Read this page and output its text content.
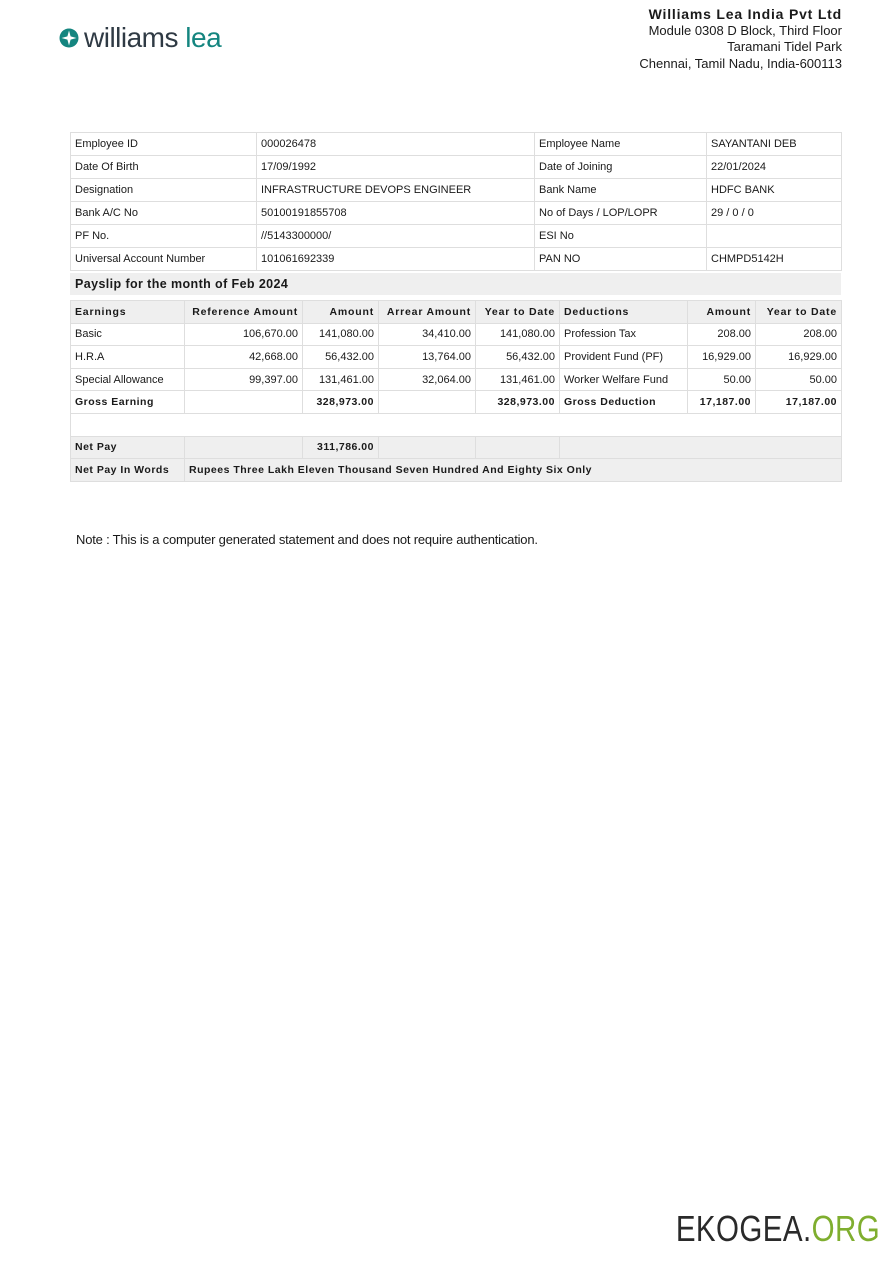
williams lea
Williams Lea India Pvt Ltd
Module 0308 D Block, Third Floor
Taramani Tidel Park
Chennai, Tamil Nadu, India-600113
Employee ID	000026478	Employee Name	SAYANTANI DEB
Date Of Birth	17/09/1992	Date of Joining	22/01/2024
Designation	INFRASTRUCTURE DEVOPS ENGINEER	Bank Name	HDFC BANK
Bank A/C No	50100191855708	No of Days / LOP/LOPR	29 / 0 / 0
PF No.	//5143300000/	ESI No	
Universal Account Number	101061692339	PAN NO	CHMPD5142H
Payslip for the month of Feb 2024
Earnings	Reference Amount	Amount	Arrear Amount	Year to Date	Deductions	Amount	Year to Date
Basic	106,670.00	141,080.00	34,410.00	141,080.00	Profession Tax	208.00	208.00
H.R.A	42,668.00	56,432.00	13,764.00	56,432.00	Provident Fund (PF)	16,929.00	16,929.00
Special Allowance	99,397.00	131,461.00	32,064.00	131,461.00	Worker Welfare Fund	50.00	50.00
Gross Earning		328,973.00		328,973.00	Gross Deduction	17,187.00	17,187.00

Net Pay		311,786.00					
Net Pay In Words	Rupees Three Lakh Eleven Thousand Seven Hundred And Eighty Six Only						
Note : This is a computer generated statement and does not require authentication.
EKOGEA.ORG
